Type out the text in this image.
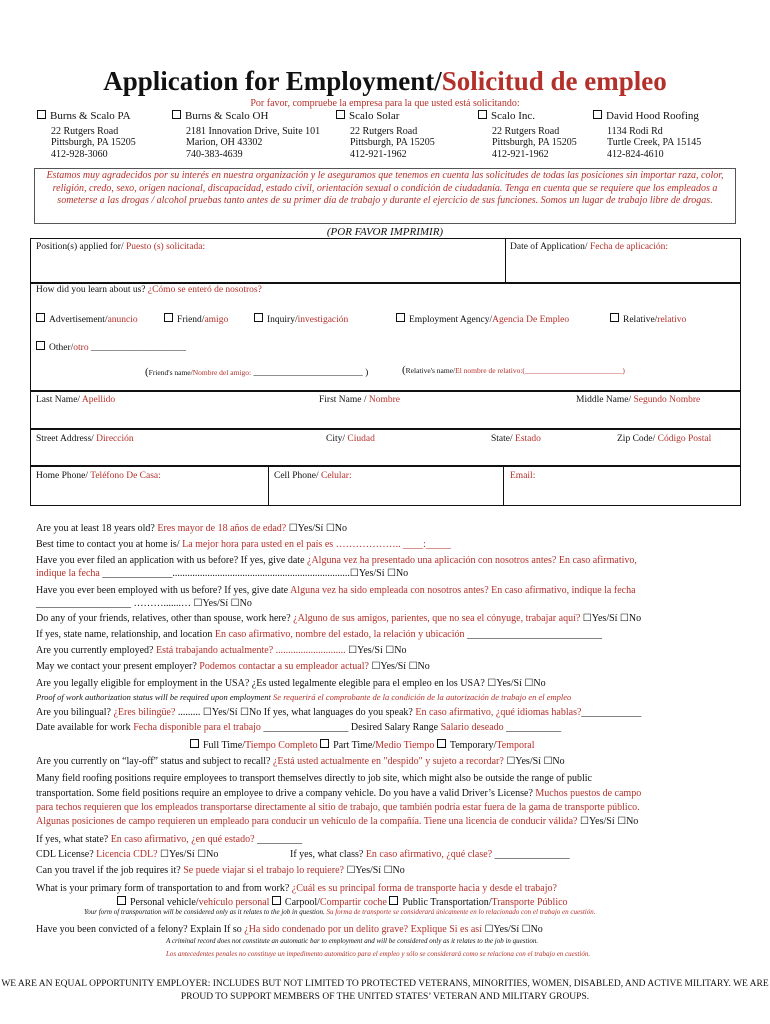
Application for Employment/Solicitud de empleo
Por favor, compruebe la empresa para la que usted está solicitando:
Burns & Scalo PA
22 Rutgers Road
Pittsburgh, PA 15205
412-928-3060
Burns & Scalo OH
2181 Innovation Drive, Suite 101
Marion, OH 43302
740-383-4639
Scalo Solar
22 Rutgers Road
Pittsburgh, PA 15205
412-921-1962
Scalo Inc.
22 Rutgers Road
Pittsburgh, PA 15205
412-921-1962
David Hood Roofing
1134 Rodi Rd
Turtle Creek, PA 15145
412-824-4610
Estamos muy agradecidos por su interés en nuestra organización y le aseguramos que tenemos en cuenta las solicitudes de todas las posiciones sin importar raza, color, religión, credo, sexo, origen nacional, discapacidad, estado civil, orientación sexual o condición de ciudadanía. Tenga en cuenta que se requiere que los empleados a someterse a las drogas / alcohol pruebas tanto antes de su primer día de trabajo y durante el ejercicio de sus funciones. Somos un lugar de trabajo libre de drogas.
(POR FAVOR IMPRIMIR)
Position(s) applied for/ Puesto (s) solicitada:	Date of Application/ Fecha de aplicación:
How did you learn about us? ¿Cómo se enteró de nosotros?
Advertisement/anuncio	Friend/amigo	Inquiry/investigación	Employment Agency/Agencia De Empleo	Relative/relativo
Other/otro ____________________
(Friend's name/Nombre del amigo: _______________________ )	(Relative's name/El nombre de relativo:(__________________________)
Last Name/ Apellido	First Name / Nombre	Middle Name/ Segundo Nombre
Street Address/ Dirección	City/ Ciudad	State/ Estado	Zip Code/ Código Postal
Home Phone/ Teléfono De Casa:	Cell Phone/ Celular:	Email:
Are you at least 18 years old? Eres mayor de 18 años de edad? ☐Yes/Sí ☐No
Best time to contact you at home is/ La mejor hora para usted en el país es ……………….. ____:_____
Have you ever filed an application with us before? If yes, give date ¿Alguna vez ha presentado una aplicación con nosotros antes? En caso afirmativo,
indique la fecha ______________.......................................................................☐Yes/Sí ☐No
Have you ever been employed with us before? If yes, give date Alguna vez ha sido empleada con nosotros antes? En caso afirmativo, indique la fecha
___________________ ……….......… ☐Yes/Sí ☐No
Do any of your friends, relatives, other than spouse, work here? ¿Alguno de sus amigos, parientes, que no sea el cónyuge, trabajar aquí? ☐Yes/Sí ☐No
If yes, state name, relationship, and location En caso afirmativo, nombre del estado, la relación y ubicación ___________________________
Are you currently employed? Está trabajando actualmente? ............................ ☐Yes/Sí ☐No
May we contact your present employer? Podemos contactar a su empleador actual? ☐Yes/Sí ☐No
Are you legally eligible for employment in the USA? ¿Es usted legalmente elegible para el empleo en los USA? ☐Yes/Sí ☐No
Proof of work authorization status will be required upon employment Se requerirá el comprobante de la condición de la autorización de trabajo en el empleo
Are you bilingual? ¿Eres bilingüe? ......... ☐Yes/Sí ☐No If yes, what languages do you speak? En caso afirmativo, ¿qué idiomas hablas?____________
Date available for work Fecha disponible para el trabajo _________________ Desired Salary Range Salario deseado ___________
Full Time/Tiempo Completo Part Time/Medio Tiempo Temporary/Temporal
Are you currently on “lay-off” status and subject to recall? ¿Está usted actualmente en "despido" y sujeto a recordar? ☐Yes/Sí ☐No
Many field roofing positions require employees to transport themselves directly to job site, which might also be outside the range of public
transportation. Some field positions require an employee to drive a company vehicle. Do you have a valid Driver’s License? Muchos puestos de campo
para techos requieren que los empleados transportarse directamente al sitio de trabajo, que también podría estar fuera de la gama de transporte público.
Algunas posiciones de campo requieren un empleado para conducir un vehículo de la compañía. Tiene una licencia de conducir válida? ☐Yes/Sí ☐No
If yes, what state? En caso afirmativo, ¿en qué estado? _________
CDL License? Licencia CDL? ☐Yes/Sí ☐No	If yes, what class? En caso afirmativo, ¿qué clase? _______________
Can you travel if the job requires it? Se puede viajar si el trabajo lo requiere? ☐Yes/Sí ☐No
What is your primary form of transportation to and from work? ¿Cuál es su principal forma de transporte hacia y desde el trabajo?
Personal vehicle/vehículo personal Carpool/Compartir coche Public Transportation/Transporte Público
Your form of transportation will be considered only as it relates to the job in question. Su forma de transporte se considerará únicamente en lo relacionado con el trabajo en cuestión.
Have you been convicted of a felony? Explain If so ¿Ha sido condenado por un delito grave? Explique Si es así ☐Yes/Sí ☐No
A criminal record does not constitute an automatic bar to employment and will be considered only as it relates to the job in question.
Los antecedentes penales no constituye un impedimento automático para el empleo y sólo se considerará como se relaciona con el trabajo en cuestión.
WE ARE AN EQUAL OPPORTUNITY EMPLOYER: INCLUDES BUT NOT LIMITED TO PROTECTED VETERANS, MINORITIES, WOMEN, DISABLED, AND ACTIVE MILITARY. WE ARE PROUD TO SUPPORT MEMBERS OF THE UNITED STATES’ VETERAN AND MILITARY GROUPS.
